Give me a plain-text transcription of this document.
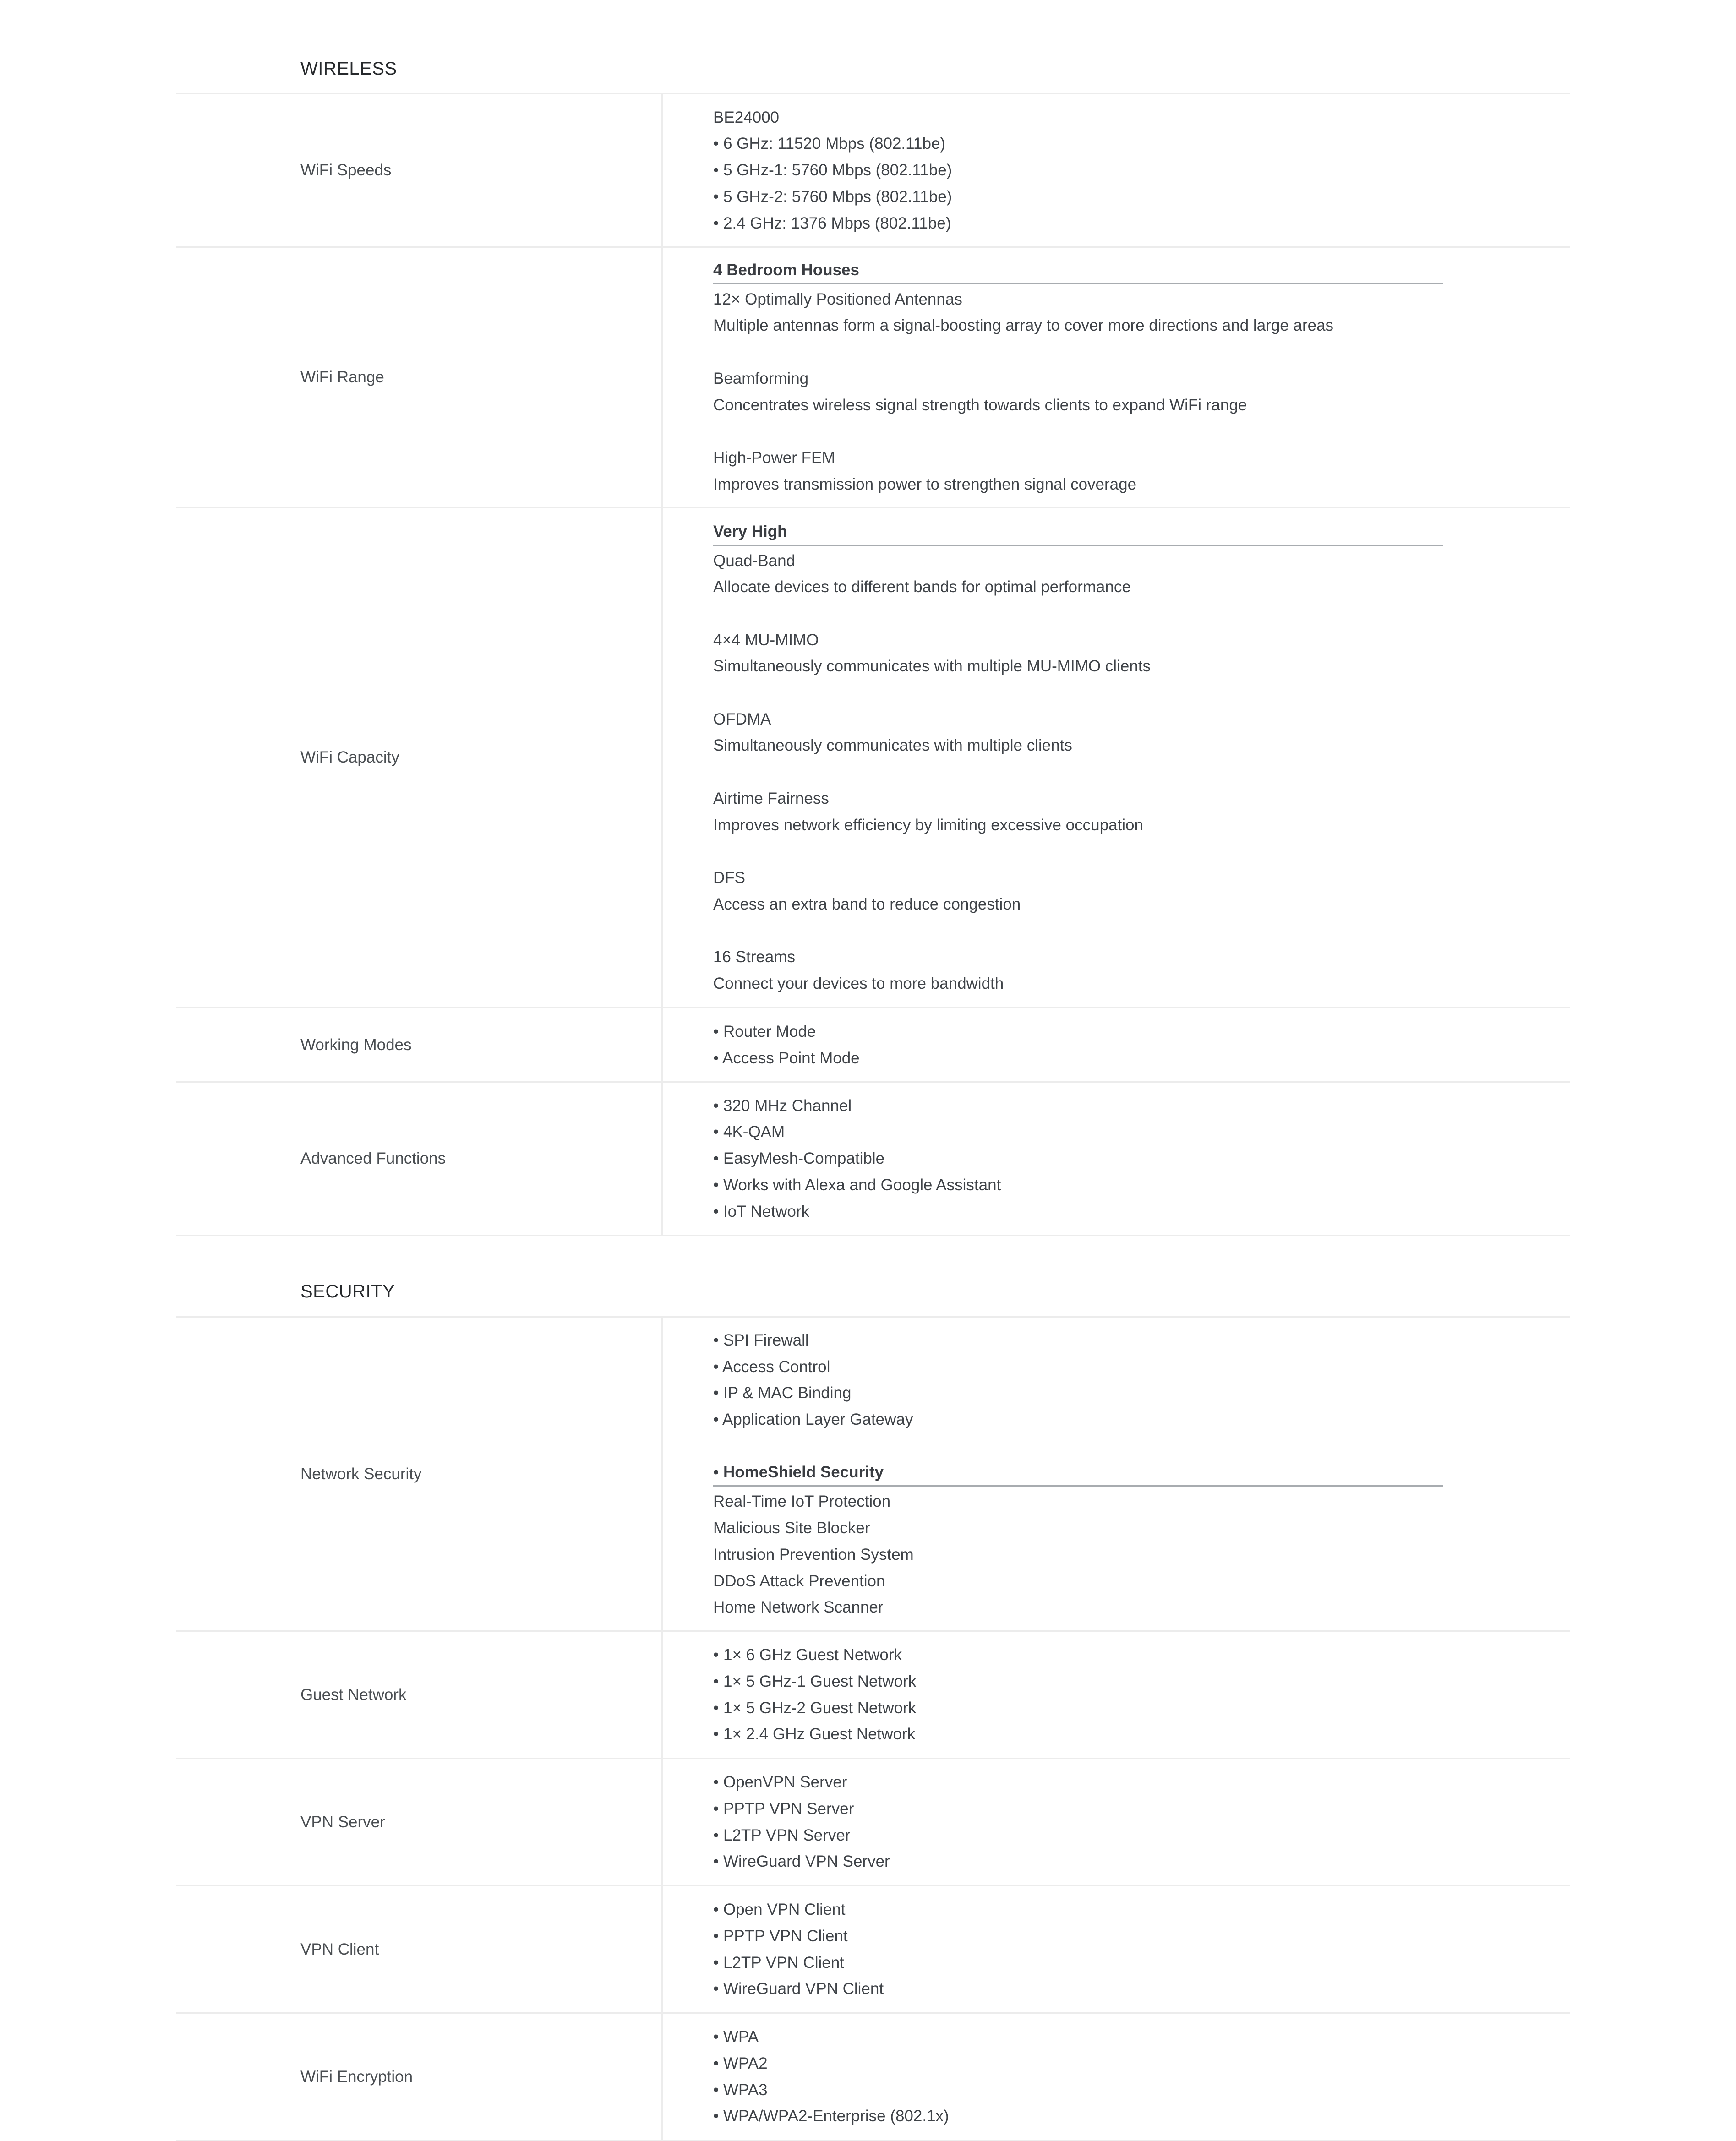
WIRELESS
WiFi Speeds
BE24000
• 6 GHz: 11520 Mbps (802.11be)
• 5 GHz-1: 5760 Mbps (802.11be)
• 5 GHz-2: 5760 Mbps (802.11be)
• 2.4 GHz: 1376 Mbps (802.11be)
WiFi Range
4 Bedroom Houses
12× Optimally Positioned Antennas
Multiple antennas form a signal-boosting array to cover more directions and large areas
Beamforming
Concentrates wireless signal strength towards clients to expand WiFi range
High-Power FEM
Improves transmission power to strengthen signal coverage
WiFi Capacity
Very High
Quad-Band
Allocate devices to different bands for optimal performance
4×4 MU-MIMO
Simultaneously communicates with multiple MU-MIMO clients
OFDMA
Simultaneously communicates with multiple clients
Airtime Fairness
Improves network efficiency by limiting excessive occupation
DFS
Access an extra band to reduce congestion
16 Streams
Connect your devices to more bandwidth
Working Modes
• Router Mode
• Access Point Mode
Advanced Functions
• 320 MHz Channel
• 4K-QAM
• EasyMesh-Compatible
• Works with Alexa and Google Assistant
• IoT Network
SECURITY
Network Security
• SPI Firewall
• Access Control
• IP & MAC Binding
• Application Layer Gateway
• HomeShield Security
Real-Time IoT Protection
Malicious Site Blocker
Intrusion Prevention System
DDoS Attack Prevention
Home Network Scanner
Guest Network
• 1× 6 GHz Guest Network
• 1× 5 GHz-1 Guest Network
• 1× 5 GHz-2 Guest Network
• 1× 2.4 GHz Guest Network
VPN Server
• OpenVPN Server
• PPTP VPN Server
• L2TP VPN Server
• WireGuard VPN Server
VPN Client
• Open VPN Client
• PPTP VPN Client
• L2TP VPN Client
• WireGuard VPN Client
WiFi Encryption
• WPA
• WPA2
• WPA3
• WPA/WPA2-Enterprise (802.1x)
